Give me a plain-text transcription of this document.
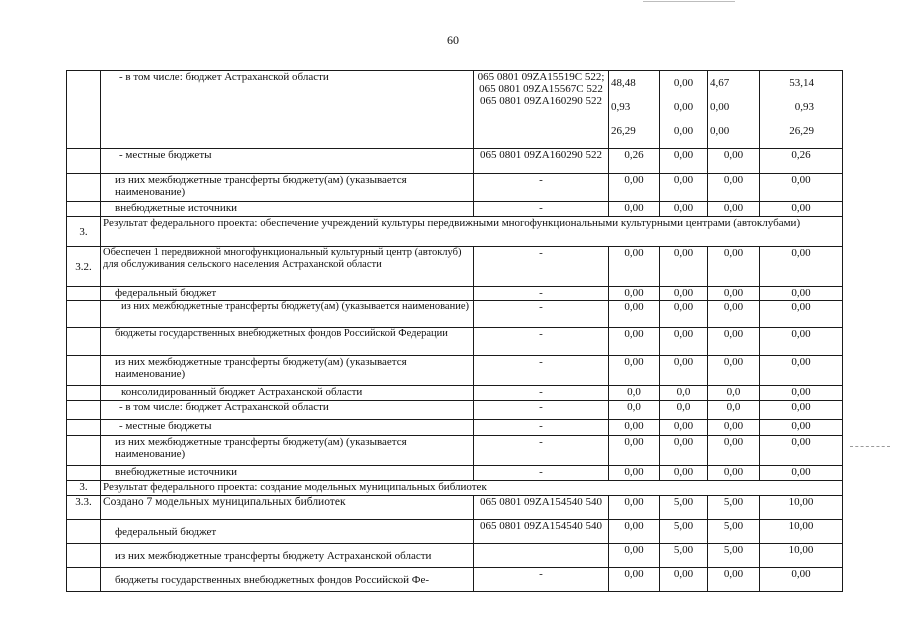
60
	- в том числе: бюджет Астраханской области	065 0801 09ZA15519C 522;
065 0801 09ZA15567C 522
065 0801 09ZA160290 522	48,48
0,93
26,29	0,00
0,00
0,00	4,67
0,00
0,00	53,14
0,93
26,29

	- местные бюджеты	065 0801 09ZA160290 522	0,26	0,00	0,00	0,26
	из них межбюджетные трансферты бюджету(ам) (указывается наименование)	-	0,00	0,00	0,00	0,00
	внебюджетные источники	-	0,00	0,00	0,00	0,00
3.	Результат федерального проекта: обеспечение учреждений культуры передвижными многофункциональными культурными центрами (автоклубами)					
3.2.	Обеспечен 1 передвижной многофункциональный культурный центр (автоклуб) для обслуживания сельского населения Астраханской области	-	0,00	0,00	0,00	0,00
	федеральный бюджет	-	0,00	0,00	0,00	0,00
	из них межбюджетные трансферты бюджету(ам) (указывается наименование)	-	0,00	0,00	0,00	0,00
	бюджеты государственных внебюджетных фондов Российской Федерации	-	0,00	0,00	0,00	0,00
	из них межбюджетные трансферты бюджету(ам) (указывается наименование)	-	0,00	0,00	0,00	0,00
	консолидированный бюджет Астраханской области	-	0,0	0,0	0,0	0,00
	- в том числе: бюджет Астраханской области	-	0,0	0,0	0,0	0,00
	- местные бюджеты	-	0,00	0,00	0,00	0,00
	из них межбюджетные трансферты бюджету(ам) (указывается наименование)	-	0,00	0,00	0,00	0,00
	внебюджетные источники	-	0,00	0,00	0,00	0,00
3.	Результат федерального проекта: создание модельных муниципальных библиотек					
3.3.	Создано 7 модельных муниципальных библиотек	065 0801 09ZA154540 540	0,00	5,00	5,00	10,00
	федеральный бюджет	065 0801 09ZA154540 540	0,00	5,00	5,00	10,00
	из них межбюджетные трансферты бюджету Астраханской области		0,00	5,00	5,00	10,00
	бюджеты государственных внебюджетных фондов Российской Фе-	-	0,00	0,00	0,00	0,00
